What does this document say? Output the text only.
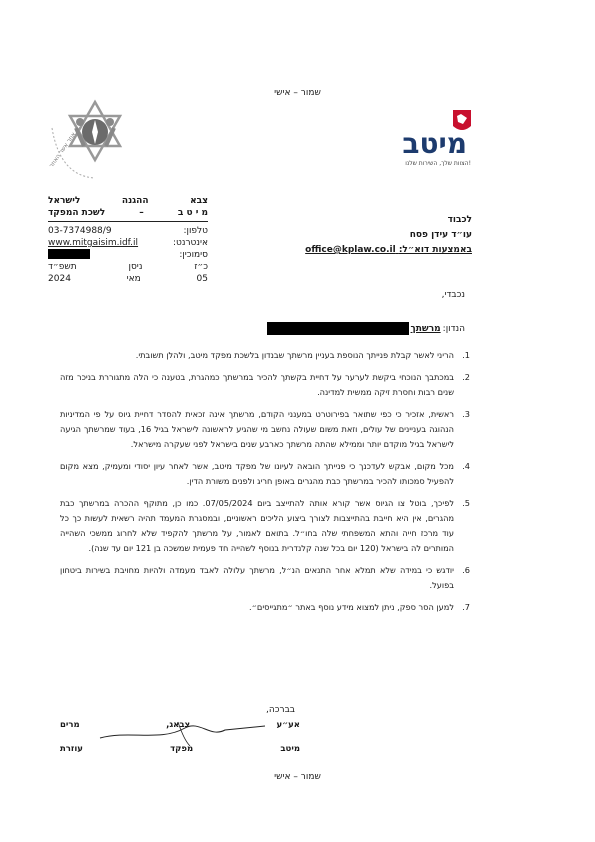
שמור – אישי
מיטב
הצוות שלך, השירות שלנו!
אוזר אשר האוזר
צבא
ההגנה
לישראל
מ י ט ב
–
לשכת המפקד
טלפון:
03-7374988/9
אינטרנט:
www.mitgaisim.idf.il
סימוכין:
כ״ז
ניסן
תשפ״ד
05
מאי
2024
לכבוד
עו״ד עידן פסח
באמצעות דוא״ל: office@kplaw.co.il
נכבדי,
הנדון:
מרשתך
1.
הריני לאשר קבלת פנייתך הנוספת בעניין מרשתך שבנדון בלשכת מפקד מיטב, ולהלן תשובתי.
2.
במכתבך הנוכחי ביקשת לערער על דחיית בקשתך להכיר במרשתך כמהגרת, בטענה כי הלה מתגוררת בניכר מזה שנים רבות וחסרת זיקה ממשית למדינה.
3.
ראשית, אזכיר כי כפי שתואר בפירוטרט במענני הקודם, מרשתך אינה זכאית להסדר דחיית גיוס על פי המדיניות הנהוגה בעניינים של עולים, וזאת משום שעולה נחשב מי שהגיע לראשונה לישראל בגיל 16, בעוד שמרשתך הגיעה לישראל בגיל מוקדם יותר וממילא שהתה מרשתך כארבע שנים בישראל לפני שעקרה מישראל.
4.
מכל מקום, אבקש לעדכנך כי פנייתך הובאה לעיונו של מפקד מיטב, אשר לאחר עיון יסודי ומעמיק, מצא מקום להפעיל סמכותו להכיר במרשתך כבת מהגרים באופן חריג ולפנים משורת הדין.
5.
לפיכך, בוטל צו הגיוס אשר קורא אותה להתייצב ביום 07/05/2024. כמו כן, מתוקף ההכרה במרשתך כבת מהגרים, אין היא חייבת בהתייצבות לצורך ביצוע הליכים ראשוניים, ובמסגרת המעמד תהיה רשאית לעשות כך כל עוד מרכז חייה והתא המשפחתי שלה בחו״ל. בתואם לאמור, על מרשתך להקפיד שלא לחרוג ממשכי השהייה המותרים לה בישראל (120 יום בכל שנה קלנדרית בנוסף לשהייה חד פעמית שמשכה בן 121 יום עד שנה).
6.
יודגש כי במידה שלא תמלא אחר התנאים הנ״ל, מרשתך עלולה לאבד מעמדה ולהיות מחויבת בשירות ביטחון בפועל.
7.
למען הסר ספק, ניתן למצוא מידע נוסף באתר ״מתגייסים״.
בברכה,
אע״ע
צבאג,
מרים
מיטב
מפקד
עוזרת
שמור – אישי
